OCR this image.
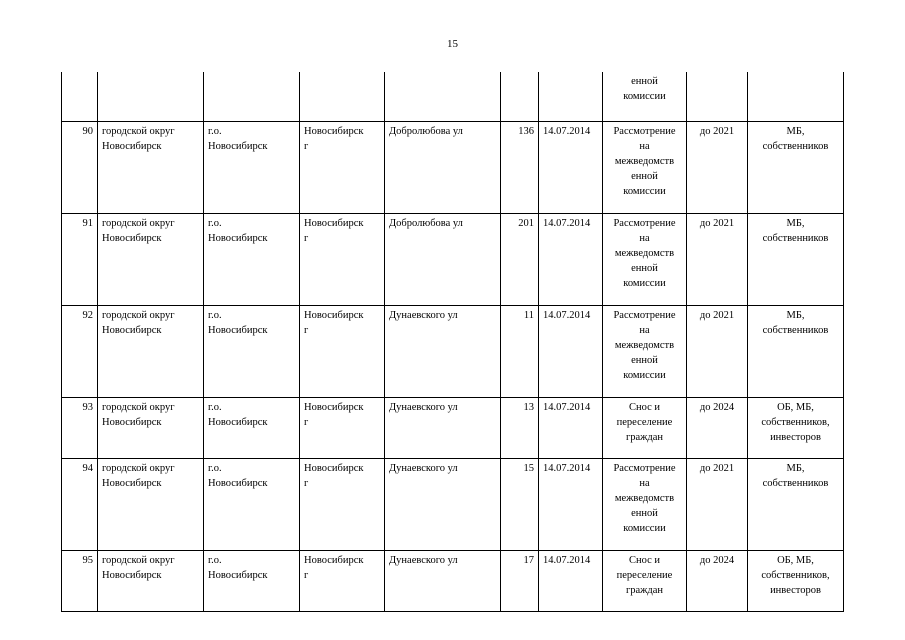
15

							енной
комиссии		

90	городской округ
Новосибирск	г.о.
Новосибирск	Новосибирск
г	Добролюбова ул	136	14.07.2014	Рассмотрение
на
межведомств
енной
комиссии	до 2021	МБ,
собственников

91	городской округ
Новосибирск	г.о.
Новосибирск	Новосибирск
г	Добролюбова ул	201	14.07.2014	Рассмотрение
на
межведомств
енной
комиссии	до 2021	МБ,
собственников

92	городской округ
Новосибирск	г.о.
Новосибирск	Новосибирск
г	Дунаевского ул	11	14.07.2014	Рассмотрение
на
межведомств
енной
комиссии	до 2021	МБ,
собственников

93	городской округ
Новосибирск	г.о.
Новосибирск	Новосибирск
г	Дунаевского ул	13	14.07.2014	Снос и
переселение
граждан	до 2024	ОБ, МБ,
собственников,
инвесторов

94	городской округ
Новосибирск	г.о.
Новосибирск	Новосибирск
г	Дунаевского ул	15	14.07.2014	Рассмотрение
на
межведомств
енной
комиссии	до 2021	МБ,
собственников

95	городской округ
Новосибирск	г.о.
Новосибирск	Новосибирск
г	Дунаевского ул	17	14.07.2014	Снос и
переселение
граждан	до 2024	ОБ, МБ,
собственников,
инвесторов
